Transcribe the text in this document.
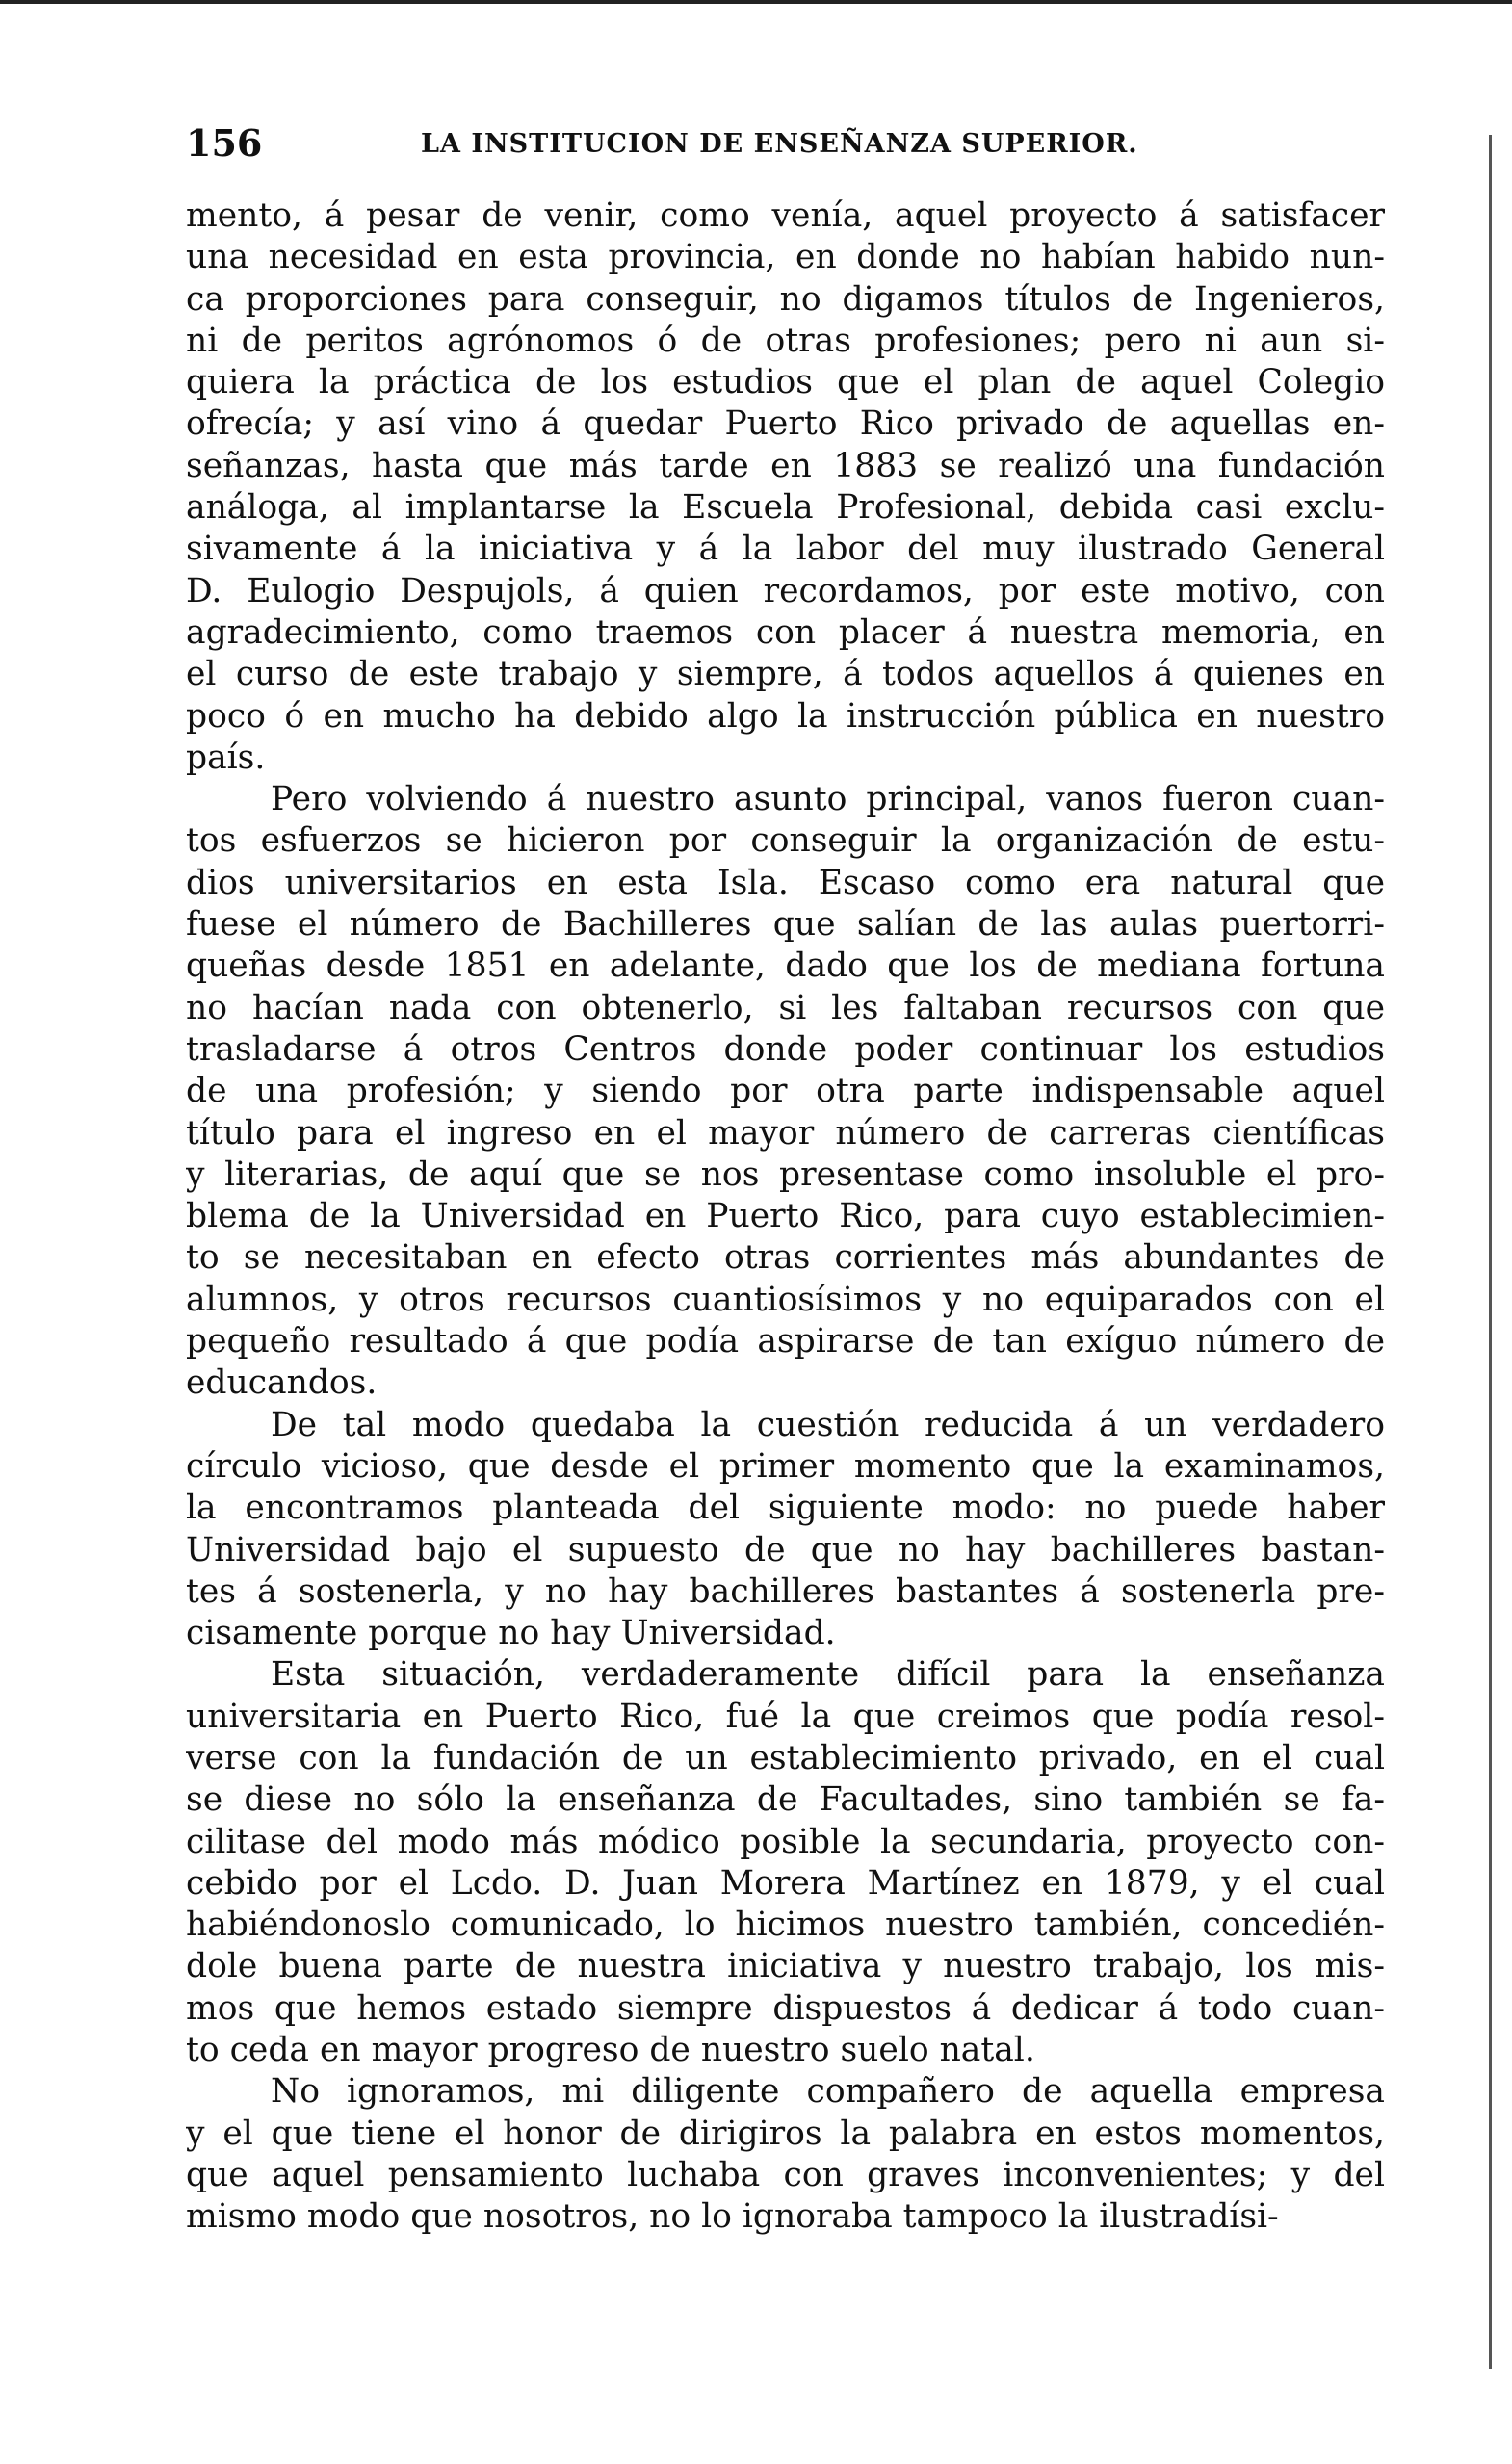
156	LA INSTITUCION DE ENSEÑANZA SUPERIOR.

mento, á pesar de venir, como venía, aquel proyecto á satisfacer
una necesidad en esta provincia, en donde no habían habido nun-
ca proporciones para conseguir, no digamos títulos de Ingenieros,
ni de peritos agrónomos ó de otras profesiones; pero ni aun si-
quiera la práctica de los estudios que el plan de aquel Colegio
ofrecía; y así vino á quedar Puerto Rico privado de aquellas en-
señanzas, hasta que más tarde en 1883 se realizó una fundación
análoga, al implantarse la Escuela Profesional, debida casi exclu-
sivamente á la iniciativa y á la labor del muy ilustrado General
D. Eulogio Despujols, á quien recordamos, por este motivo, con
agradecimiento, como traemos con placer á nuestra memoria, en
el curso de este trabajo y siempre, á todos aquellos á quienes en
poco ó en mucho ha debido algo la instrucción pública en nuestro
país.
Pero volviendo á nuestro asunto principal, vanos fueron cuan-
tos esfuerzos se hicieron por conseguir la organización de estu-
dios universitarios en esta Isla. Escaso como era natural que
fuese el número de Bachilleres que salían de las aulas puertorri-
queñas desde 1851 en adelante, dado que los de mediana fortuna
no hacían nada con obtenerlo, si les faltaban recursos con que
trasladarse á otros Centros donde poder continuar los estudios
de una profesión; y siendo por otra parte indispensable aquel
título para el ingreso en el mayor número de carreras científicas
y literarias, de aquí que se nos presentase como insoluble el pro-
blema de la Universidad en Puerto Rico, para cuyo establecimien-
to se necesitaban en efecto otras corrientes más abundantes de
alumnos, y otros recursos cuantiosísimos y no equiparados con el
pequeño resultado á que podía aspirarse de tan exíguo número de
educandos.
De tal modo quedaba la cuestión reducida á un verdadero
círculo vicioso, que desde el primer momento que la examinamos,
la encontramos planteada del siguiente modo: no puede haber
Universidad bajo el supuesto de que no hay bachilleres bastan-
tes á sostenerla, y no hay bachilleres bastantes á sostenerla pre-
cisamente porque no hay Universidad.
Esta situación, verdaderamente difícil para la enseñanza
universitaria en Puerto Rico, fué la que creimos que podía resol-
verse con la fundación de un establecimiento privado, en el cual
se diese no sólo la enseñanza de Facultades, sino también se fa-
cilitase del modo más módico posible la secundaria, proyecto con-
cebido por el Lcdo. D. Juan Morera Martínez en 1879, y el cual
habiéndonoslo comunicado, lo hicimos nuestro también, concedién-
dole buena parte de nuestra iniciativa y nuestro trabajo, los mis-
mos que hemos estado siempre dispuestos á dedicar á todo cuan-
to ceda en mayor progreso de nuestro suelo natal.
No ignoramos, mi diligente compañero de aquella empresa
y el que tiene el honor de dirigiros la palabra en estos momentos,
que aquel pensamiento luchaba con graves inconvenientes; y del
mismo modo que nosotros, no lo ignoraba tampoco la ilustradísi-
